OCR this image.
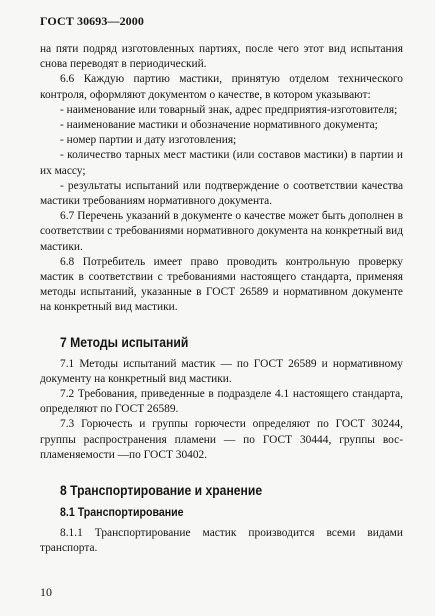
ГОСТ 30693—2000

на пяти подряд изготовленных партиях, после чего этот вид испытания снова переводят в периодический.

6.6 Каждую партию мастики, принятую отделом технического контроля, оформляют документом о качестве, в котором указывают:

- наименование или товарный знак, адрес предприятия-изготовителя;

- наименование мастики и обозначение нормативного документа;

- номер партии и дату изготовления;

- количество тарных мест мастики (или составов мастики) в партии и их массу;

- результаты испытаний или подтверждение о соответствии качества мастики требованиям нормативного документа.

6.7 Перечень указаний в документе о качестве может быть дополнен в соответствии с требованиями нормативного документа на конкретный вид мастики.

6.8 Потребитель имеет право проводить контрольную проверку мастик в соответствии с требованиями настоящего стандарта, применяя методы испытаний, указанные в ГОСТ 26589 и нормативном документе на конкретный вид мастики.

7 Методы испытаний

7.1 Методы испытаний мастик — по ГОСТ 26589 и нормативному документу на конкретный вид мастики.

7.2 Требования, приведенные в подразделе 4.1 настоящего стандарта, определяют по ГОСТ 26589.

7.3 Горючесть и группы горючести определяют по ГОСТ 30244, группы распространения пламени — по ГОСТ 30444, группы воспламеняемости —по ГОСТ 30402.

8 Транспортирование и хранение
8.1 Транспортирование

8.1.1 Транспортирование мастик производится всеми видами транспорта.

10
